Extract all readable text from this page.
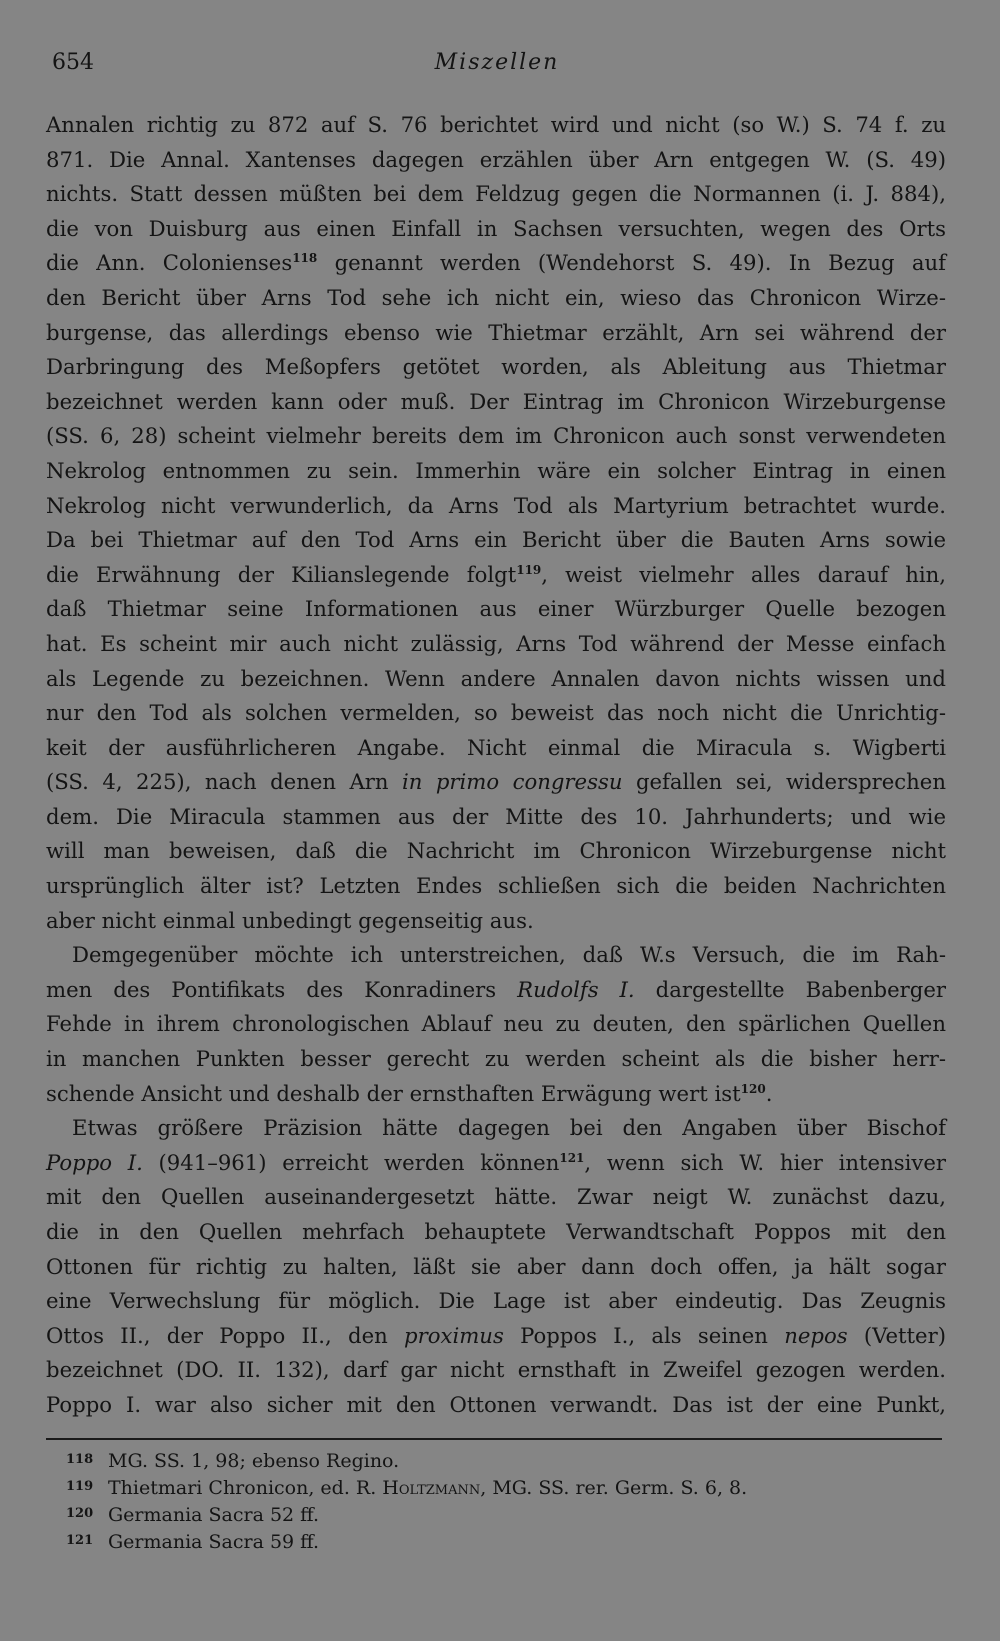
654	Miszellen
Annalen richtig zu 872 auf S. 76 berichtet wird und nicht (so W.) S. 74 f. zu
871. Die Annal. Xantenses dagegen erzählen über Arn entgegen W. (S. 49)
nichts. Statt dessen müßten bei dem Feldzug gegen die Normannen (i. J. 884),
die von Duisburg aus einen Einfall in Sachsen versuchten, wegen des Orts
die Ann. Colonienses$^{118}$ genannt werden (Wendehorst S. 49). In Bezug auf
den Bericht über Arns Tod sehe ich nicht ein, wieso das Chronicon Wirze-
burgense, das allerdings ebenso wie Thietmar erzählt, Arn sei während der
Darbringung des Meßopfers getötet worden, als Ableitung aus Thietmar
bezeichnet werden kann oder muß. Der Eintrag im Chronicon Wirzeburgense
(SS. 6, 28) scheint vielmehr bereits dem im Chronicon auch sonst verwendeten
Nekrolog entnommen zu sein. Immerhin wäre ein solcher Eintrag in einen
Nekrolog nicht verwunderlich, da Arns Tod als Martyrium betrachtet wurde.
Da bei Thietmar auf den Tod Arns ein Bericht über die Bauten Arns sowie
die Erwähnung der Kilianslegende folgt$^{119}$, weist vielmehr alles darauf hin,
daß Thietmar seine Informationen aus einer Würzburger Quelle bezogen
hat. Es scheint mir auch nicht zulässig, Arns Tod während der Messe einfach
als Legende zu bezeichnen. Wenn andere Annalen davon nichts wissen und
nur den Tod als solchen vermelden, so beweist das noch nicht die Unrichtig-
keit der ausführlicheren Angabe. Nicht einmal die Miracula s. Wigberti
(SS. 4, 225), nach denen Arn in primo congressu gefallen sei, widersprechen
dem. Die Miracula stammen aus der Mitte des 10. Jahrhunderts; und wie
will man beweisen, daß die Nachricht im Chronicon Wirzeburgense nicht
ursprünglich älter ist? Letzten Endes schließen sich die beiden Nachrichten
aber nicht einmal unbedingt gegenseitig aus.
Demgegenüber möchte ich unterstreichen, daß W.s Versuch, die im Rah-
men des Pontifikats des Konradiners Rudolfs I. dargestellte Babenberger
Fehde in ihrem chronologischen Ablauf neu zu deuten, den spärlichen Quellen
in manchen Punkten besser gerecht zu werden scheint als die bisher herr-
schende Ansicht und deshalb der ernsthaften Erwägung wert ist$^{120}$.
Etwas größere Präzision hätte dagegen bei den Angaben über Bischof
Poppo I. (941–961) erreicht werden können$^{121}$, wenn sich W. hier intensiver
mit den Quellen auseinandergesetzt hätte. Zwar neigt W. zunächst dazu,
die in den Quellen mehrfach behauptete Verwandtschaft Poppos mit den
Ottonen für richtig zu halten, läßt sie aber dann doch offen, ja hält sogar
eine Verwechslung für möglich. Die Lage ist aber eindeutig. Das Zeugnis
Ottos II., der Poppo II., den proximus Poppos I., als seinen nepos (Vetter)
bezeichnet (DO. II. 132), darf gar nicht ernsthaft in Zweifel gezogen werden.
Poppo I. war also sicher mit den Ottonen verwandt. Das ist der eine Punkt,
118 MG. SS. 1, 98; ebenso Regino.
119 Thietmari Chronicon, ed. R. Holtzmann, MG. SS. rer. Germ. S. 6, 8.
120 Germania Sacra 52 ff.
121 Germania Sacra 59 ff.
